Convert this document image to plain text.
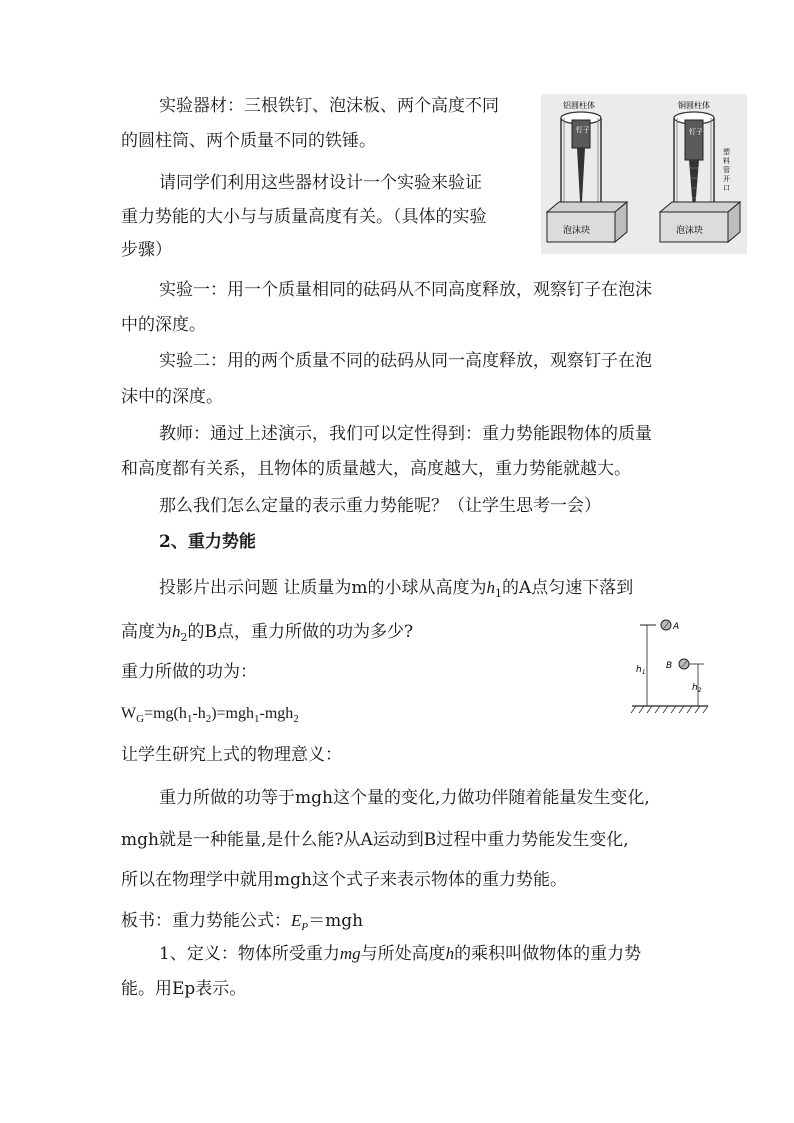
实验器材：三根铁钉、泡沫板、两个高度不同

的圆柱筒、两个质量不同的铁锤。

请同学们利用这些器材设计一个实验来验证

重力势能的大小与与质量高度有关。（具体的实验

步骤）

铝圆柱体
钉子
泡沫块
铜圆柱体
钉子
塑料管开口
泡沫块

实验一：用一个质量相同的砝码从不同高度释放，观察钉子在泡沫

中的深度。

实验二：用的两个质量不同的砝码从同一高度释放，观察钉子在泡

沫中的深度。

教师：通过上述演示，我们可以定性得到：重力势能跟物体的质量

和高度都有关系，且物体的质量越大，高度越大，重力势能就越大。

那么我们怎么定量的表示重力势能呢？（让学生思考一会）

2、重力势能

投影片出示问题 让质量为m的小球从高度为$h_1$的A点匀速下落到

高度为$h_2$的B点，重力所做的功为多少?	A
$h_1$
B
$h_2$

重力所做的功为：

$W_G=mg(h_1-h_2)=mgh_1-mgh_2$

让学生研究上式的物理意义：

重力所做的功等于mgh这个量的变化,力做功伴随着能量发生变化,

mgh就是一种能量,是什么能?从A运动到B过程中重力势能发生变化,

所以在物理学中就用mgh这个式子来表示物体的重力势能。

板书：重力势能公式：$E_P=mgh$

1、定义：物体所受重力mg与所处高度h的乘积叫做物体的重力势

能。用Ep表示。
